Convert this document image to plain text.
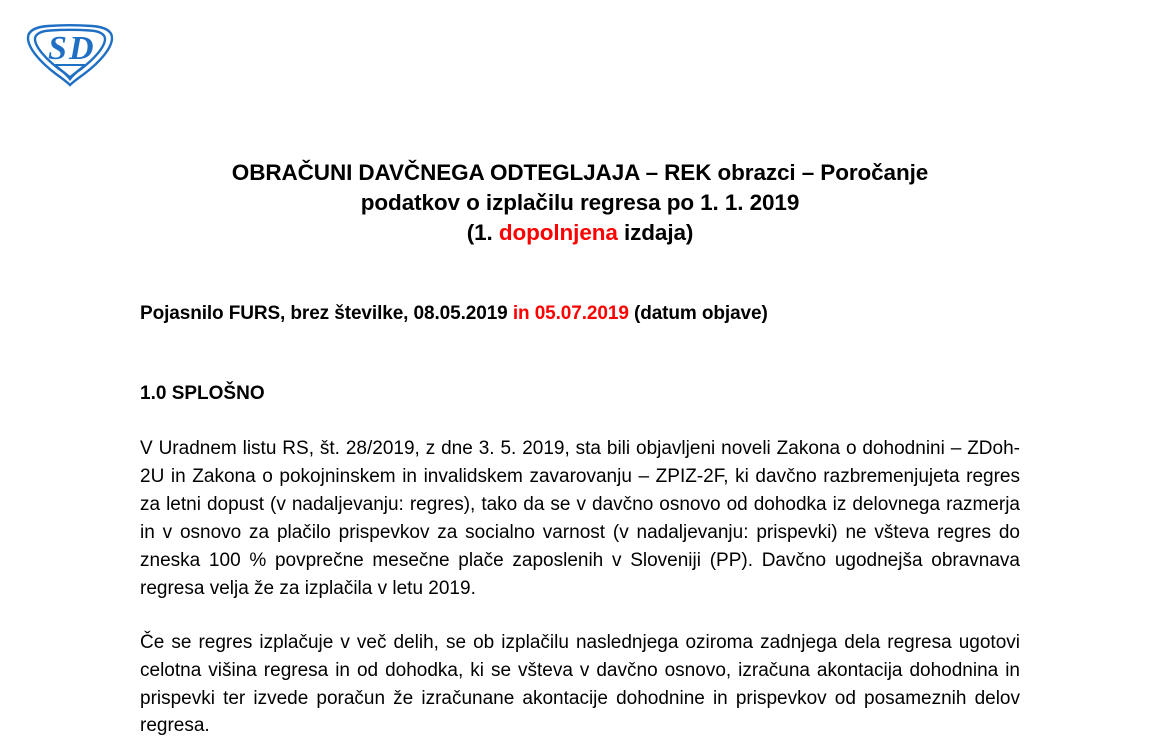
S D
OBRAČUNI DAVČNEGA ODTEGLJAJA – REK obrazci – Poročanje
podatkov o izplačilu regresa po 1. 1. 2019
(1. dopolnjena izdaja)

Pojasnilo FURS, brez številke, 08.05.2019 in 05.07.2019 (datum objave)

1.0 SPLOŠNO

V Uradnem listu RS, št. 28/2019, z dne 3. 5. 2019, sta bili objavljeni noveli Zakona o dohodnini – ZDoh-2U in Zakona o pokojninskem in invalidskem zavarovanju – ZPIZ-2F, ki davčno razbremenjujeta regres za letni dopust (v nadaljevanju: regres), tako da se v davčno osnovo od dohodka iz delovnega razmerja in v osnovo za plačilo prispevkov za socialno varnost (v nadaljevanju: prispevki) ne všteva regres do zneska 100 % povprečne mesečne plače zaposlenih v Sloveniji (PP). Davčno ugodnejša obravnava regresa velja že za izplačila v letu 2019.

Če se regres izplačuje v več delih, se ob izplačilu naslednjega oziroma zadnjega dela regresa ugotovi celotna višina regresa in od dohodka, ki se všteva v davčno osnovo, izračuna akontacija dohodnina in prispevki ter izvede poračun že izračunane akontacije dohodnine in prispevkov od posameznih delov regresa.
